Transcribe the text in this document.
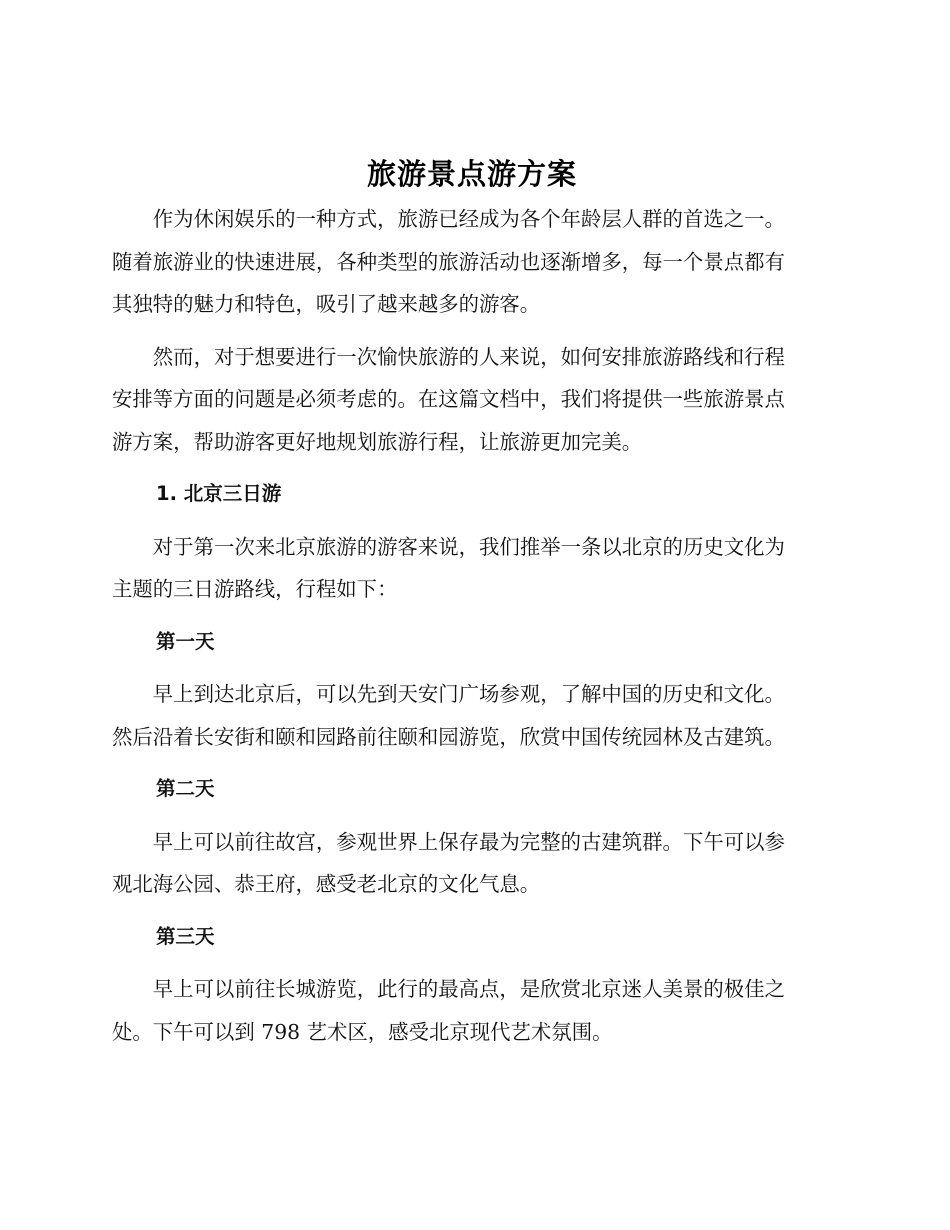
旅游景点游方案

作为休闲娱乐的一种方式，旅游已经成为各个年龄层人群的首选之一。
随着旅游业的快速进展，各种类型的旅游活动也逐渐增多，每一个景点都有
其独特的魅力和特色，吸引了越来越多的游客。

然而，对于想要进行一次愉快旅游的人来说，如何安排旅游路线和行程
安排等方面的问题是必须考虑的。在这篇文档中，我们将提供一些旅游景点
游方案，帮助游客更好地规划旅游行程，让旅游更加完美。

1. 北京三日游

对于第一次来北京旅游的游客来说，我们推举一条以北京的历史文化为
主题的三日游路线，行程如下：

第一天

早上到达北京后，可以先到天安门广场参观，了解中国的历史和文化。
然后沿着长安街和颐和园路前往颐和园游览，欣赏中国传统园林及古建筑。

第二天

早上可以前往故宫，参观世界上保存最为完整的古建筑群。下午可以参
观北海公园、恭王府，感受老北京的文化气息。

第三天

早上可以前往长城游览，此行的最高点，是欣赏北京迷人美景的极佳之
处。下午可以到 798 艺术区，感受北京现代艺术氛围。
